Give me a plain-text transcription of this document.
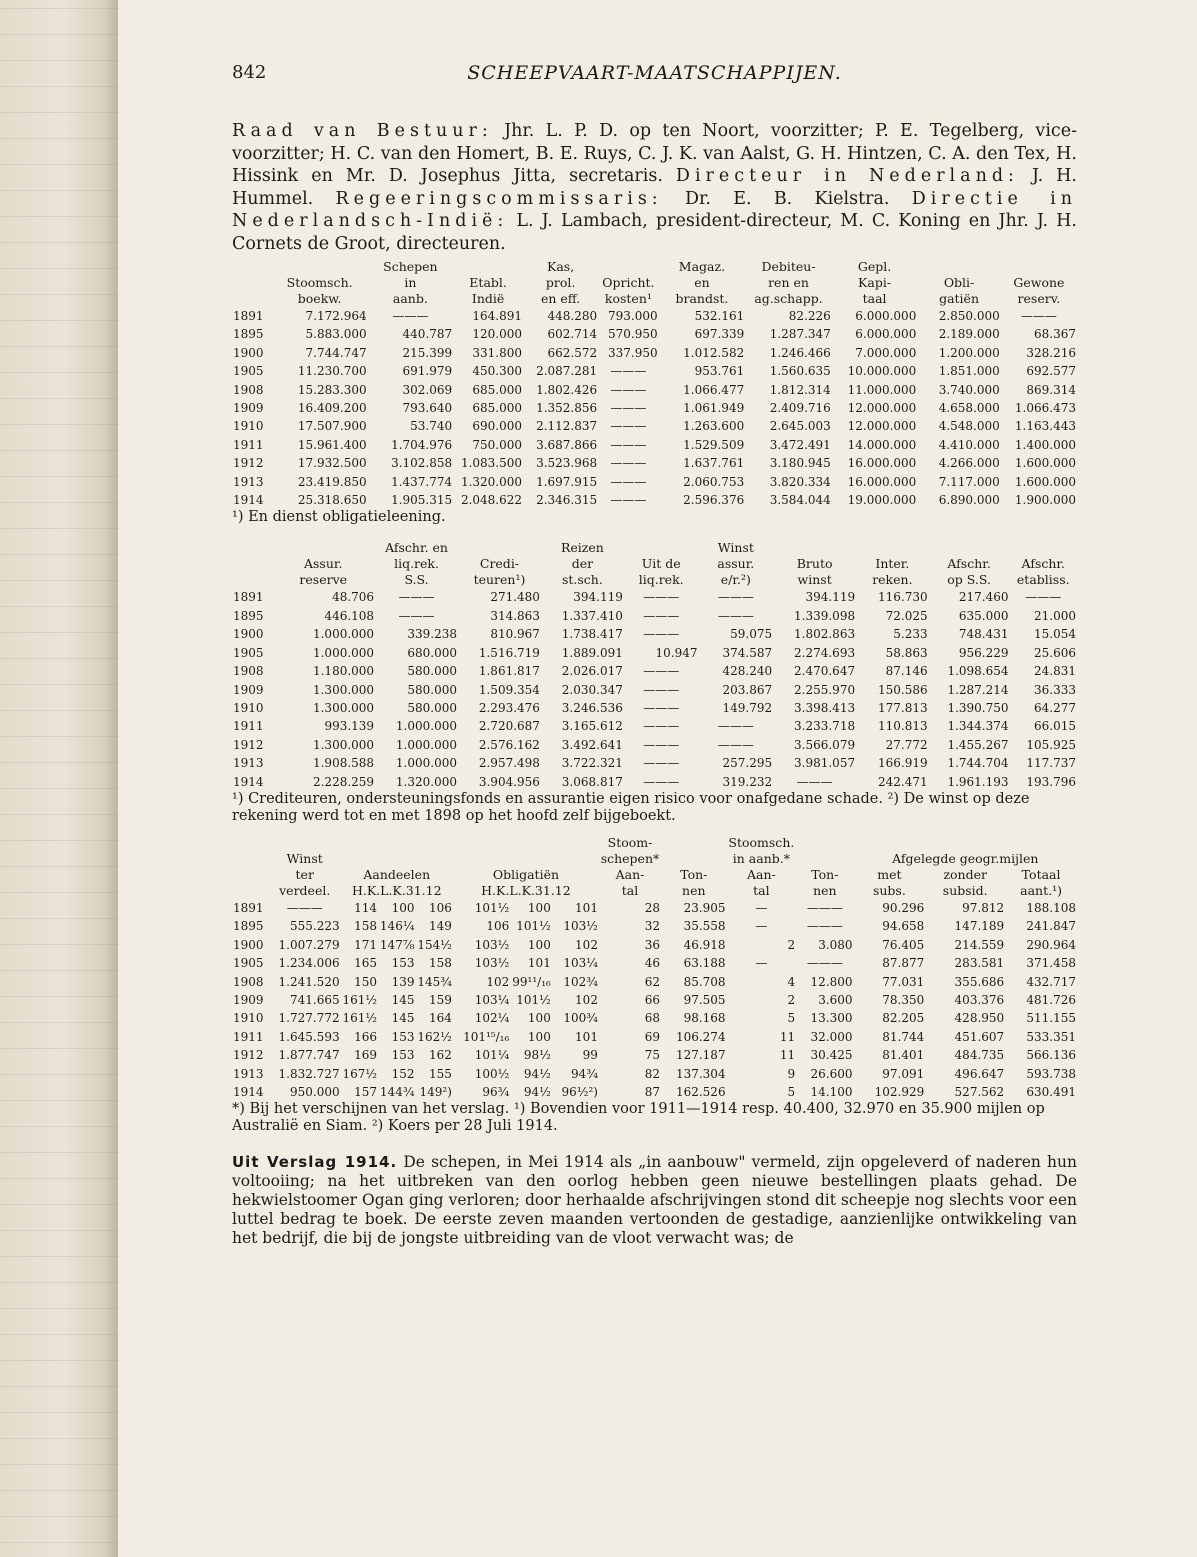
842	SCHEEPVAART-MAATSCHAPPIJEN.

Raad van Bestuur: Jhr. L. P. D. op ten Noort, voorzitter; P. E. Tegelberg, vice-voorzitter; H. C. van den Homert, B. E. Ruys, C. J. K. van Aalst, G. H. Hintzen, C. A. den Tex, H. Hissink en Mr. D. Josephus Jitta, secretaris. Directeur in Nederland: J. H. Hummel. Regeeringscommissaris: Dr. E. B. Kielstra. Directie in Nederlandsch-Indië: L. J. Lambach, president-directeur, M. C. Koning en Jhr. J. H. Cornets de Groot, directeuren.

		Schepen		Kas,		Magaz.	Debiteu-	Gepl.		
	Stoomsch.	in	Etabl.	prol.	Opricht.	en	ren en	Kapi-	Obli-	Gewone
	boekw.	aanb.	Indië	en eff.	kosten¹	brandst.	ag.schapp.	taal	gatiën	reserv.
1891	7.172.964	———	164.891	448.280	793.000	532.161	82.226	6.000.000	2.850.000	———
1895	5.883.000	440.787	120.000	602.714	570.950	697.339	1.287.347	6.000.000	2.189.000	68.367
1900	7.744.747	215.399	331.800	662.572	337.950	1.012.582	1.246.466	7.000.000	1.200.000	328.216
1905	11.230.700	691.979	450.300	2.087.281	———	953.761	1.560.635	10.000.000	1.851.000	692.577
1908	15.283.300	302.069	685.000	1.802.426	———	1.066.477	1.812.314	11.000.000	3.740.000	869.314
1909	16.409.200	793.640	685.000	1.352.856	———	1.061.949	2.409.716	12.000.000	4.658.000	1.066.473
1910	17.507.900	53.740	690.000	2.112.837	———	1.263.600	2.645.003	12.000.000	4.548.000	1.163.443
1911	15.961.400	1.704.976	750.000	3.687.866	———	1.529.509	3.472.491	14.000.000	4.410.000	1.400.000
1912	17.932.500	3.102.858	1.083.500	3.523.968	———	1.637.761	3.180.945	16.000.000	4.266.000	1.600.000
1913	23.419.850	1.437.774	1.320.000	1.697.915	———	2.060.753	3.820.334	16.000.000	7.117.000	1.600.000
1914	25.318.650	1.905.315	2.048.622	2.346.315	———	2.596.376	3.584.044	19.000.000	6.890.000	1.900.000

¹) En dienst obligatieleening.

		Afschr. en		Reizen		Winst				
	Assur.	liq.rek.	Credi-	der	Uit de	assur.	Bruto	Inter.	Afschr.	Afschr.
	reserve	S.S.	teuren¹)	st.sch.	liq.rek.	e/r.²)	winst	reken.	op S.S.	etabliss.
1891	48.706	———	271.480	394.119	———	———	394.119	116.730	217.460	———
1895	446.108	———	314.863	1.337.410	———	———	1.339.098	72.025	635.000	21.000
1900	1.000.000	339.238	810.967	1.738.417	———	59.075	1.802.863	5.233	748.431	15.054
1905	1.000.000	680.000	1.516.719	1.889.091	10.947	374.587	2.274.693	58.863	956.229	25.606
1908	1.180.000	580.000	1.861.817	2.026.017	———	428.240	2.470.647	87.146	1.098.654	24.831
1909	1.300.000	580.000	1.509.354	2.030.347	———	203.867	2.255.970	150.586	1.287.214	36.333
1910	1.300.000	580.000	2.293.476	3.246.536	———	149.792	3.398.413	177.813	1.390.750	64.277
1911	993.139	1.000.000	2.720.687	3.165.612	———	———	3.233.718	110.813	1.344.374	66.015
1912	1.300.000	1.000.000	2.576.162	3.492.641	———	———	3.566.079	27.772	1.455.267	105.925
1913	1.908.588	1.000.000	2.957.498	3.722.321	———	257.295	3.981.057	166.919	1.744.704	117.737
1914	2.228.259	1.320.000	3.904.956	3.068.817	———	319.232	———	242.471	1.961.193	193.796

¹) Crediteuren, ondersteuningsfonds en assurantie eigen risico voor onafgedane schade. ²) De winst op deze rekening werd tot en met 1898 op het hoofd zelf bijgeboekt.

								Stoom-		Stoomsch.				
	Winst							schepen*		in aanb.*		Afgelegde geogr.mijlen		
	ter	Aandeelen			Obligatiën			Aan-	Ton-	Aan-	Ton-	met	zonder	Totaal
	verdeel.	H.K.L.K.31.12			H.K.L.K.31.12			tal	nen	tal	nen	subs.	subsid.	aant.¹)
1891	———	114	100	106	101½	100	101	28	23.905	—	———	90.296	97.812	188.108
1895	555.223	158	146¼	149	106	101½	103½	32	35.558	—	———	94.658	147.189	241.847
1900	1.007.279	171	147⅞	154½	103½	100	102	36	46.918	2	3.080	76.405	214.559	290.964
1905	1.234.006	165	153	158	103½	101	103¼	46	63.188	—	———	87.877	283.581	371.458
1908	1.241.520	150	139	145¾	102	99¹¹/₁₆	102¾	62	85.708	4	12.800	77.031	355.686	432.717
1909	741.665	161½	145	159	103¼	101½	102	66	97.505	2	3.600	78.350	403.376	481.726
1910	1.727.772	161½	145	164	102¼	100	100¾	68	98.168	5	13.300	82.205	428.950	511.155
1911	1.645.593	166	153	162½	101¹⁵/₁₆	100	101	69	106.274	11	32.000	81.744	451.607	533.351
1912	1.877.747	169	153	162	101¼	98½	99	75	127.187	11	30.425	81.401	484.735	566.136
1913	1.832.727	167½	152	155	100½	94½	94¾	82	137.304	9	26.600	97.091	496.647	593.738
1914	950.000	157	144¾	149²)	96¾	94½	96½²)	87	162.526	5	14.100	102.929	527.562	630.491

*) Bij het verschijnen van het verslag. ¹) Bovendien voor 1911—1914 resp. 40.400, 32.970 en 35.900 mijlen op Australië en Siam. ²) Koers per 28 Juli 1914.

Uit Verslag 1914. De schepen, in Mei 1914 als „in aanbouw" vermeld, zijn opgeleverd of naderen hun voltooiing; na het uitbreken van den oorlog hebben geen nieuwe bestellingen plaats gehad. De hekwielstoomer Ogan ging verloren; door herhaalde afschrijvingen stond dit scheepje nog slechts voor een luttel bedrag te boek. De eerste zeven maanden vertoonden de gestadige, aanzienlijke ontwikkeling van het bedrijf, die bij de jongste uitbreiding van de vloot verwacht was; de
